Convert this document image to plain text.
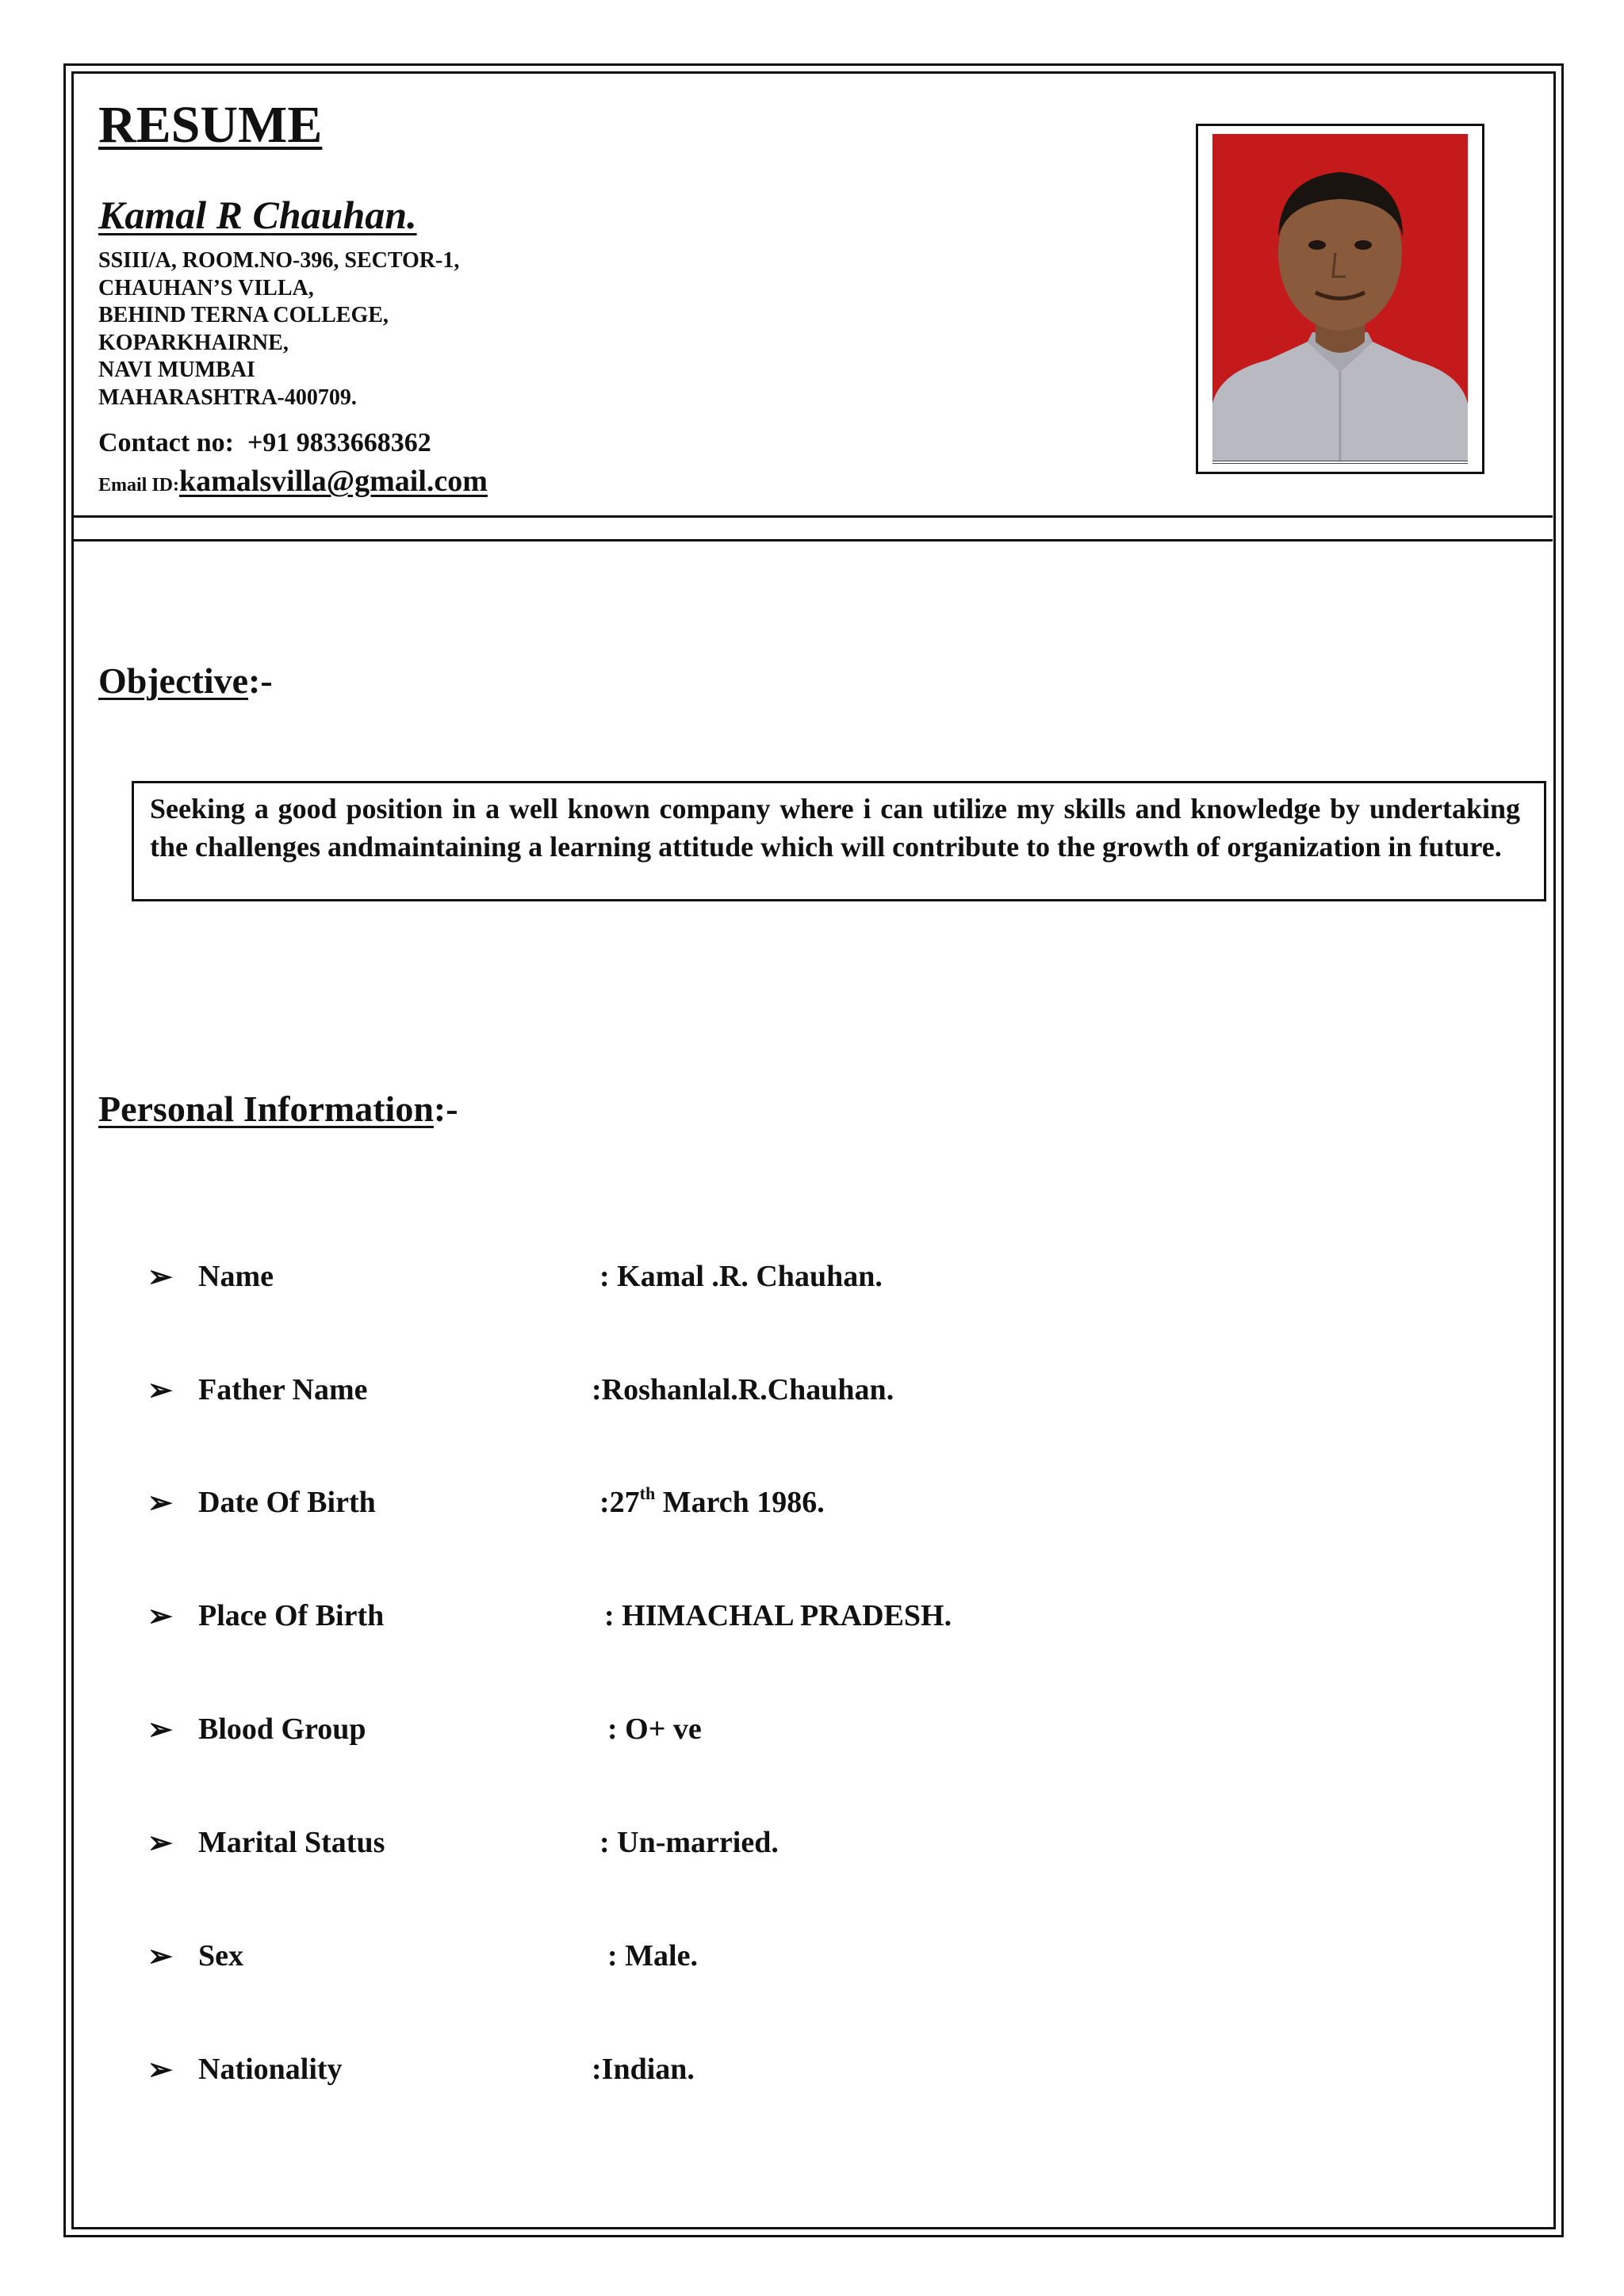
RESUME
Kamal R Chauhan.
SSIII/A, ROOM.NO-396, SECTOR-1,
CHAUHAN’S VILLA,
BEHIND TERNA COLLEGE,
KOPARKHAIRNE,
NAVI MUMBAI
MAHARASHTRA-400709.
Contact no: +91 9833668362
Email ID:kamalsvilla@gmail.com
Objective:-
Seeking a good position in a well known company where i can utilize my skills and knowledge by undertaking the challenges andmaintaining a learning attitude which will contribute to the growth of organization in future.
Personal Information:-
➢ Name	: Kamal .R. Chauhan.
➢ Father Name	:Roshanlal.R.Chauhan.
➢ Date Of Birth	:27th March 1986.
➢ Place Of Birth	: HIMACHAL PRADESH.
➢ Blood Group	: O+ ve
➢ Marital Status	: Un-married.
➢ Sex	: Male.
➢ Nationality	:Indian.
